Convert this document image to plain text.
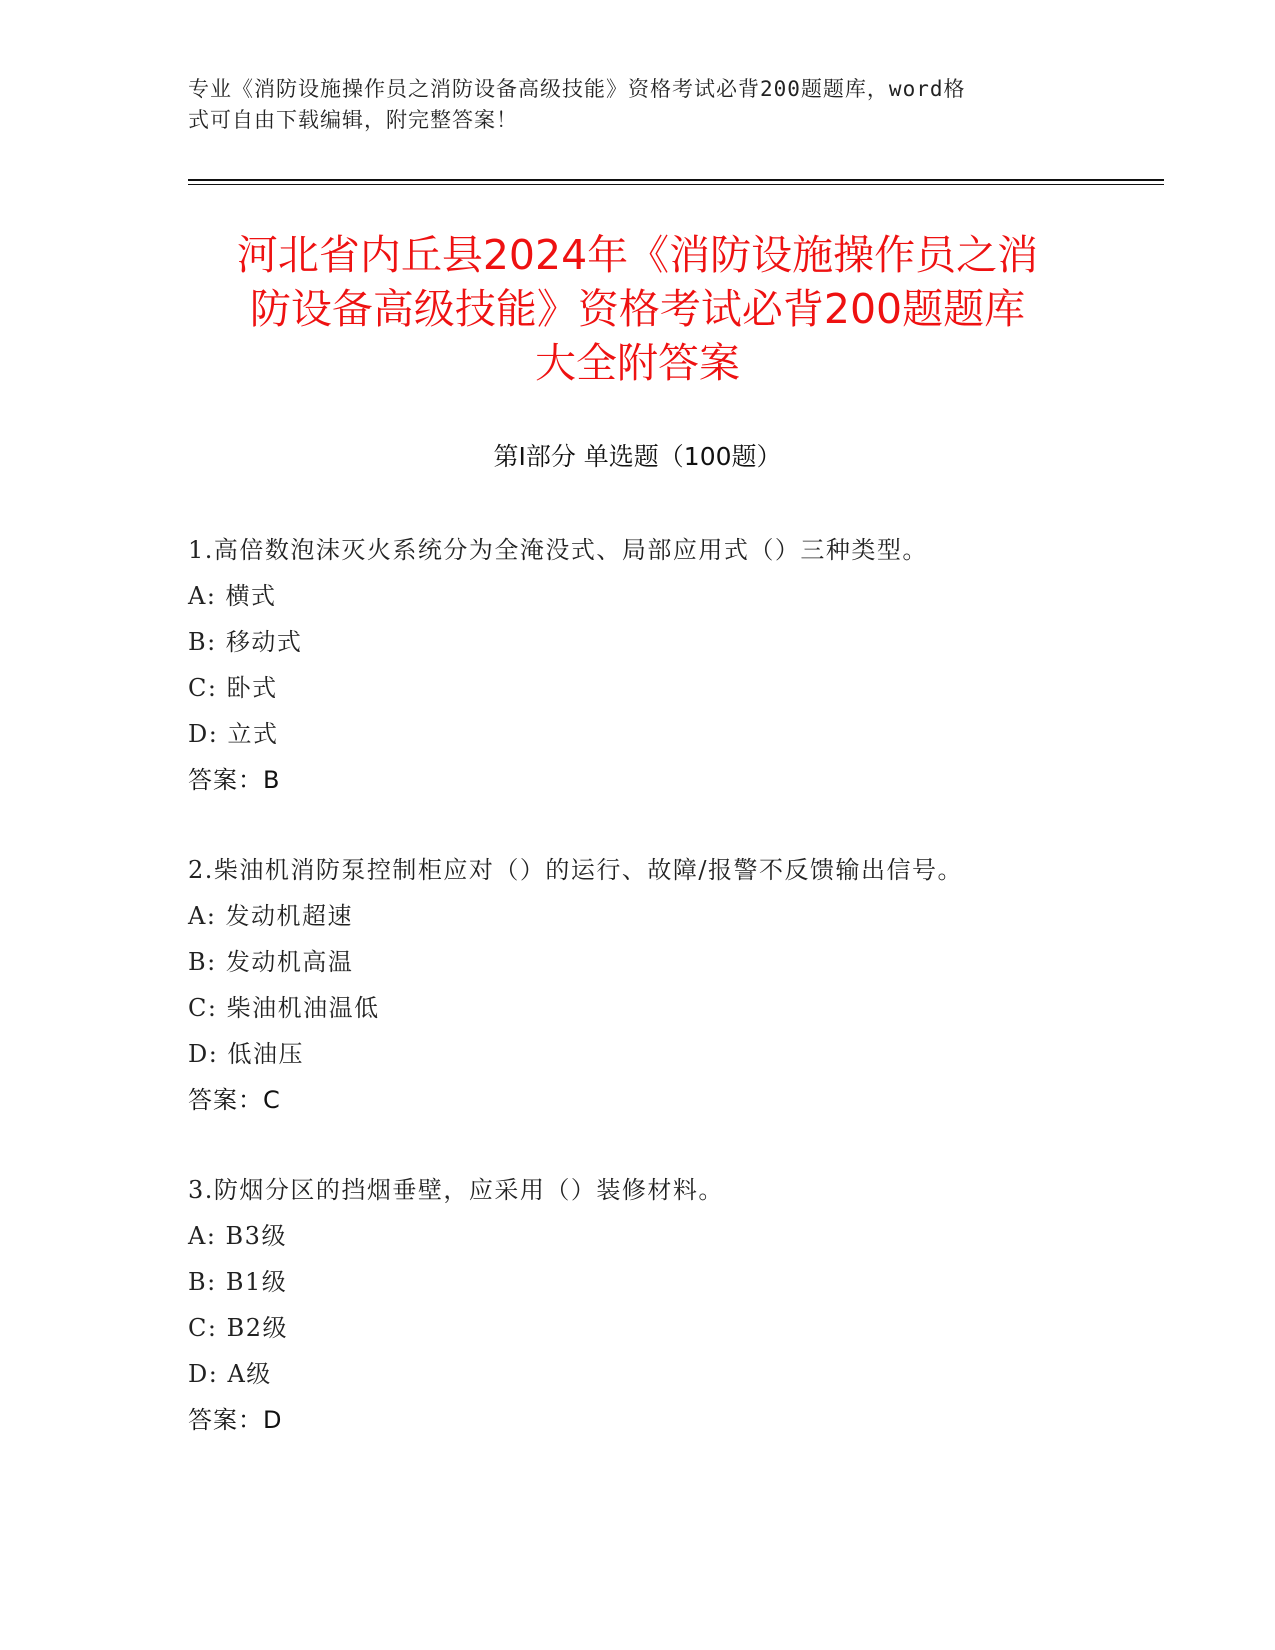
专业《消防设施操作员之消防设备高级技能》资格考试必背200题题库，word格
式可自由下载编辑，附完整答案！
河北省内丘县2024年《消防设施操作员之消
防设备高级技能》资格考试必背200题题库
大全附答案
第Ⅰ部分 单选题（100题）
1.高倍数泡沫灭火系统分为全淹没式、局部应用式（）三种类型。
A: 横式
B: 移动式
C: 卧式
D: 立式
答案：B
2.柴油机消防泵控制柜应对（）的运行、故障/报警不反馈输出信号。
A: 发动机超速
B: 发动机高温
C: 柴油机油温低
D: 低油压
答案：C
3.防烟分区的挡烟垂壁，应采用（）装修材料。
A: B3级
B: B1级
C: B2级
D: A级
答案：D
